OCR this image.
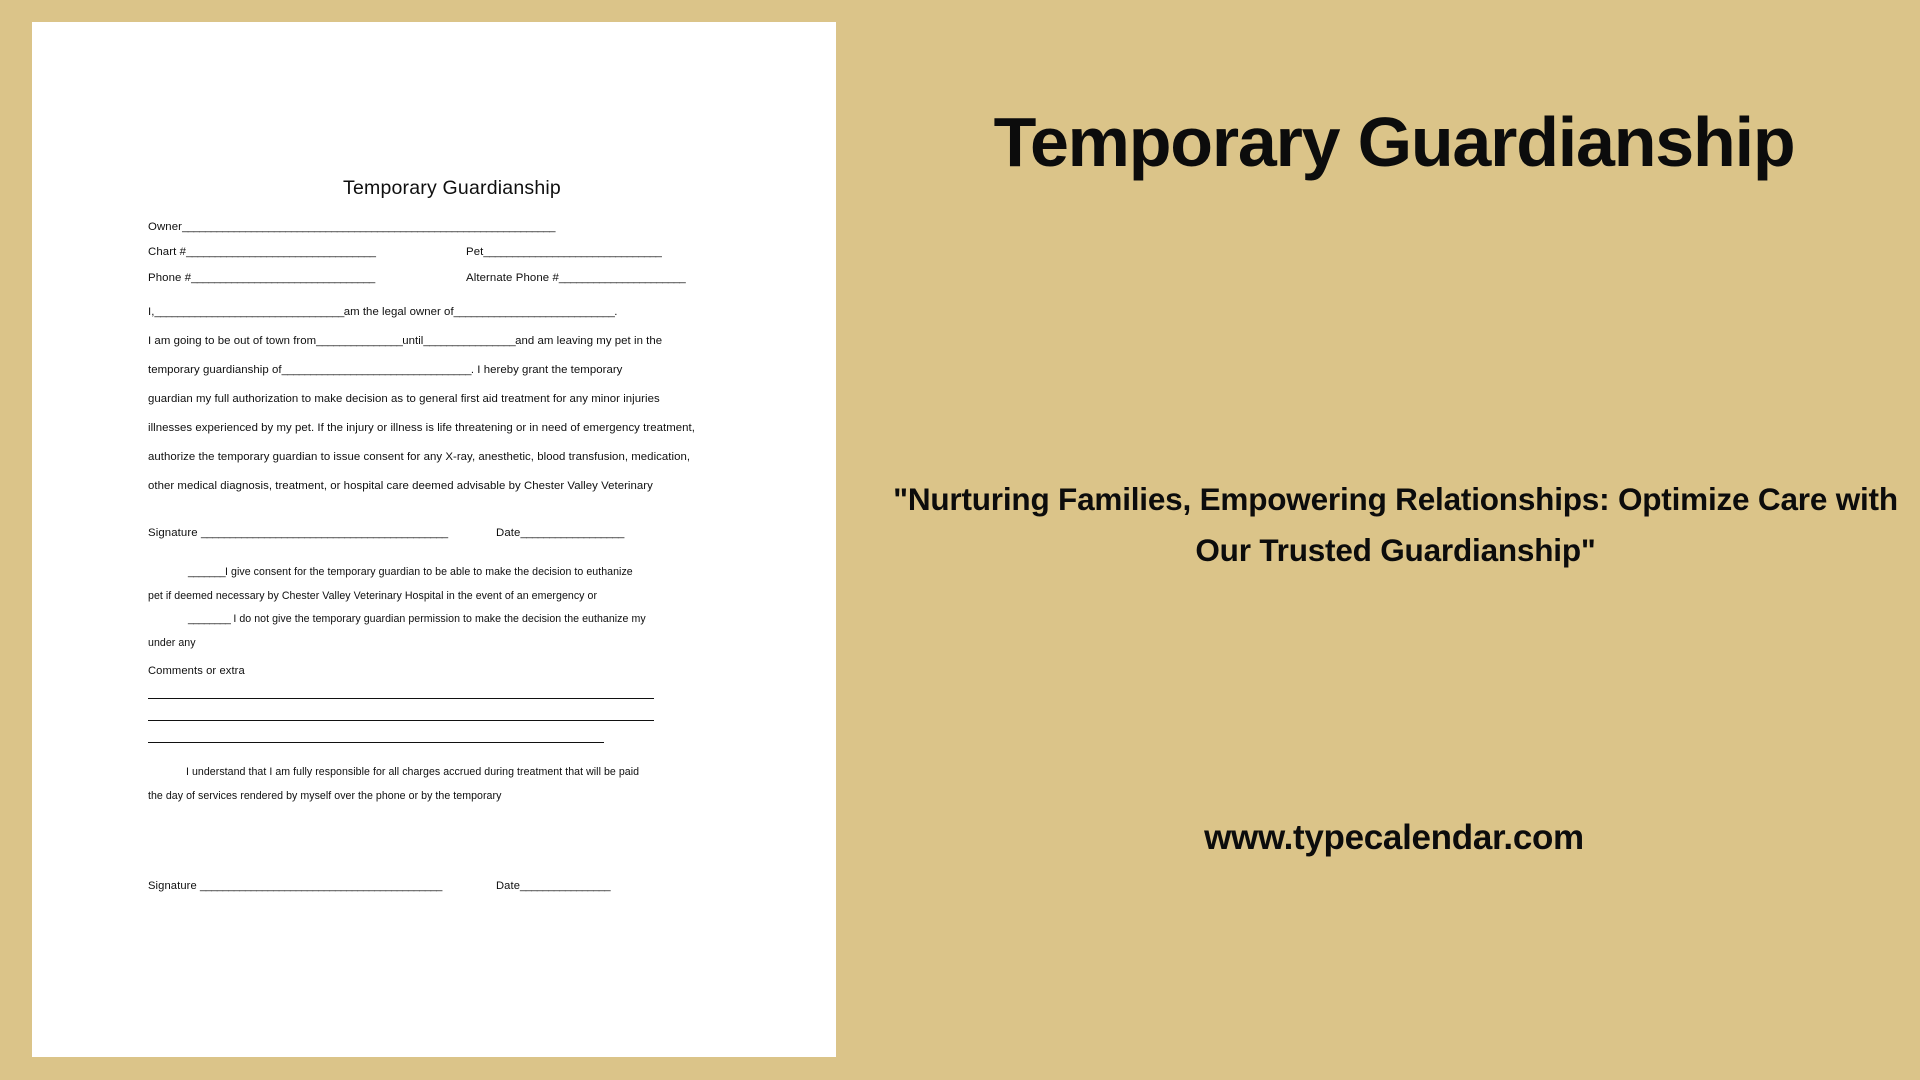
Temporary Guardianship
Owner_________________________________________________________________
Chart #_________________________________	Pet_______________________________
Phone #________________________________	Alternate Phone #______________________
I,_________________________________am the legal owner of____________________________.
I am going to be out of town from_______________until________________and am leaving my pet in the
temporary guardianship of_________________________________. I hereby grant the temporary
guardian my full authorization to make decision as to general first aid treatment for any minor injuries
illnesses experienced by my pet. If the injury or illness is life threatening or in need of emergency treatment,
authorize the temporary guardian to issue consent for any X-ray, anesthetic, blood transfusion, medication,
other medical diagnosis, treatment, or hospital care deemed advisable by Chester Valley Veterinary
Signature ___________________________________________	Date__________________
_______I give consent for the temporary guardian to be able to make the decision to euthanize
pet if deemed necessary by Chester Valley Veterinary Hospital in the event of an emergency or
________ I do not give the temporary guardian permission to make the decision the euthanize my
under any
Comments or extra
I understand that I am fully responsible for all charges accrued during treatment that will be paid
the day of services rendered by myself over the phone or by the temporary
Signature ___________________________________________	Date________________
Temporary Guardianship
"Nurturing Families, Empowering Relationships: Optimize Care with Our Trusted Guardianship"
www.typecalendar.com
